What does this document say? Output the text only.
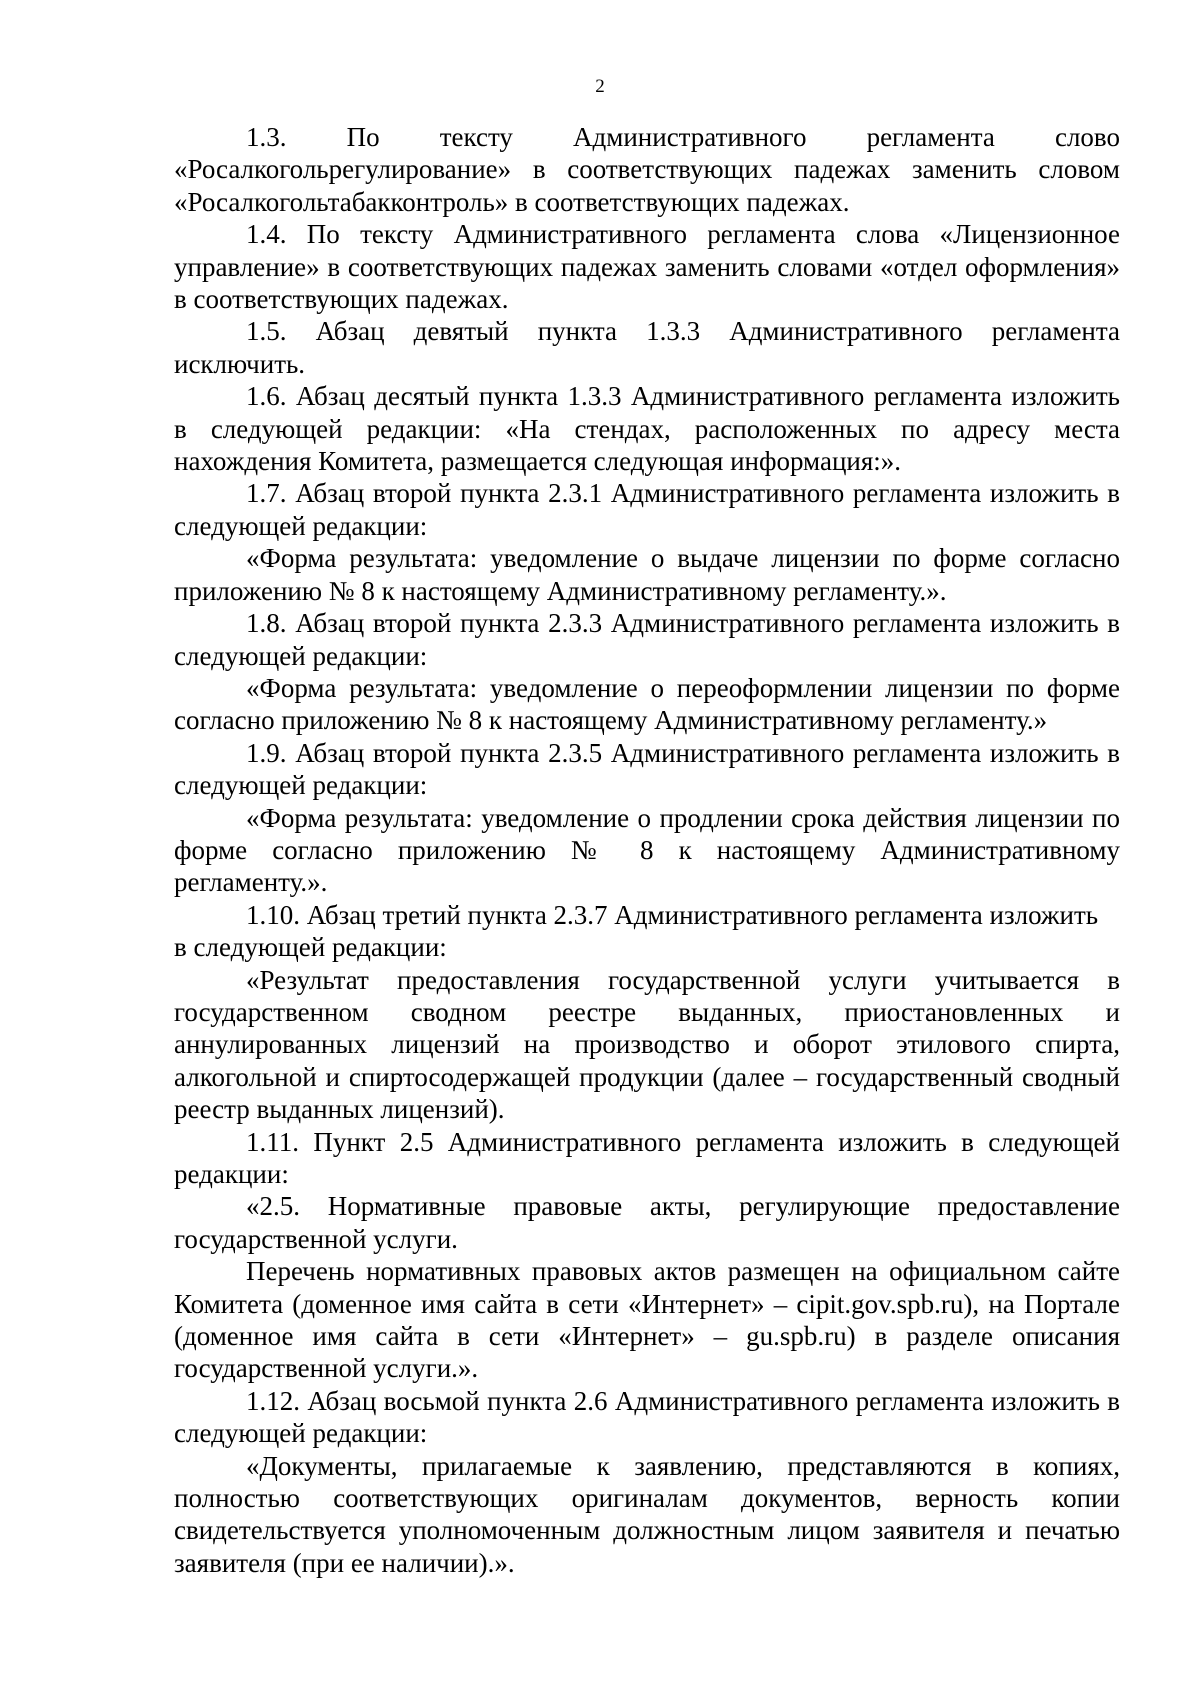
2

1.3. По тексту Административного регламента слово «Росалкогольрегулирование» в соответствующих падежах заменить словом «Росалкогольтабакконтроль» в соответствующих падежах.

1.4. По тексту Административного регламента слова «Лицензионное управление» в соответствующих падежах заменить словами «отдел оформления» в соответствующих падежах.

1.5. Абзац девятый пункта 1.3.3 Административного регламента исключить.

1.6. Абзац десятый пункта 1.3.3 Административного регламента изложить в следующей редакции: «На стендах, расположенных по адресу места нахождения Комитета, размещается следующая информация:».

1.7. Абзац второй пункта 2.3.1 Административного регламента изложить в следующей редакции:

«Форма результата: уведомление о выдаче лицензии по форме согласно приложению № 8 к настоящему Административному регламенту.».

1.8. Абзац второй пункта 2.3.3 Административного регламента изложить в следующей редакции:

«Форма результата: уведомление о переоформлении лицензии по форме согласно приложению № 8 к настоящему Административному регламенту.»

1.9. Абзац второй пункта 2.3.5 Административного регламента изложить в следующей редакции:

«Форма результата: уведомление о продлении срока действия лицензии по форме согласно приложению № 8 к настоящему Административному регламенту.».

1.10. Абзац третий пункта 2.3.7 Административного регламента изложить

в следующей редакции:

«Результат предоставления государственной услуги учитывается в государственном сводном реестре выданных, приостановленных и аннулированных лицензий на производство и оборот этилового спирта, алкогольной и спиртосодержащей продукции (далее – государственный сводный реестр выданных лицензий).

1.11. Пункт 2.5 Административного регламента изложить в следующей редакции:

«2.5. Нормативные правовые акты, регулирующие предоставление государственной услуги.

Перечень нормативных правовых актов размещен на официальном сайте Комитета (доменное имя сайта в сети «Интернет» – cipit.gov.spb.ru), на Портале (доменное имя сайта в сети «Интернет» – gu.spb.ru) в разделе описания государственной услуги.».

1.12. Абзац восьмой пункта 2.6 Административного регламента изложить в следующей редакции:

«Документы, прилагаемые к заявлению, представляются в копиях, полностью соответствующих оригиналам документов, верность копии свидетельствуется уполномоченным должностным лицом заявителя и печатью заявителя (при ее наличии).».
